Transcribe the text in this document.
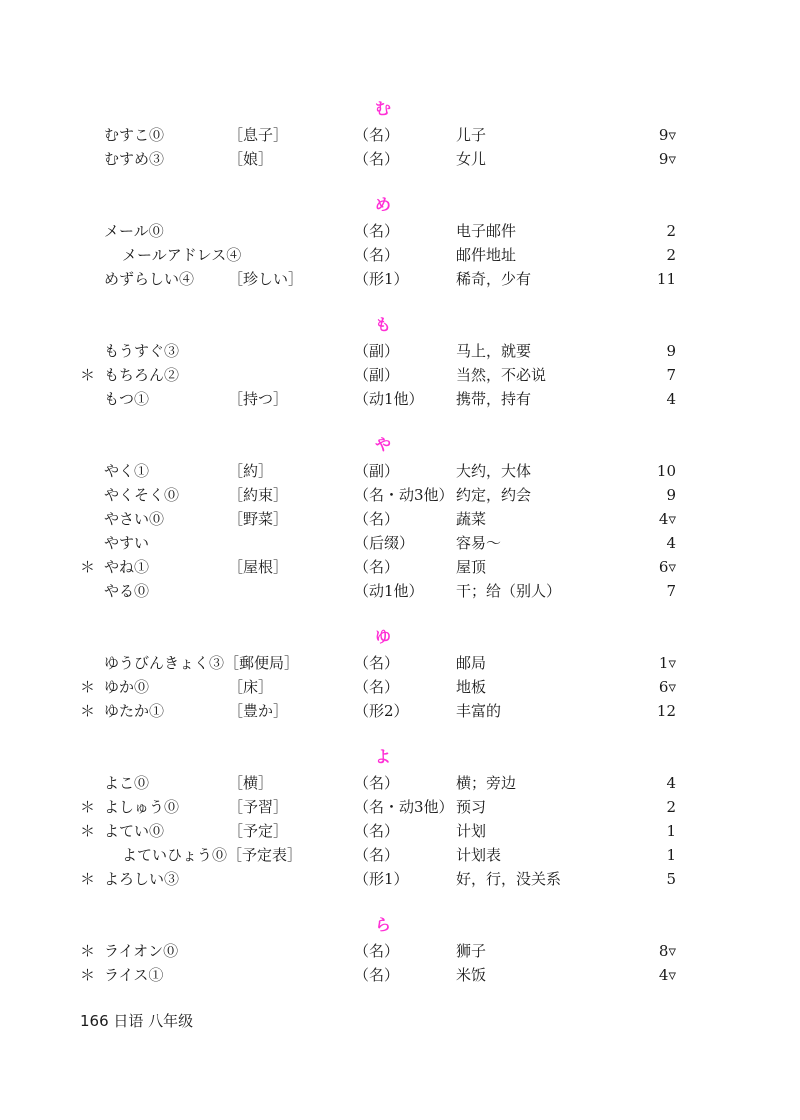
む
むすこ⓪	［息子］	（名）	儿子	9▿
むすめ③	［娘］	（名）	女儿	9▿
め
メール⓪	（名）	电子邮件	2
メールアドレス④	（名）	邮件地址	2
めずらしい④ ［珍しい］	（形1）	稀奇，少有	11
も
もうすぐ③	（副）	马上，就要	9
＊ もちろん②	（副）	当然，不必说	7
もつ①	［持つ］	（动1他） 携带，持有	4
や
やく①	［約］	（副）	大约，大体	10
やくそく⓪	［約束］	（名・动3他） 约定，约会	9
やさい⓪	［野菜］	（名）	蔬菜	4▿
やすい	（后缀）	容易～	4
＊ やね①	［屋根］	（名）	屋顶	6▿
やる⓪	（动1他） 干；给（别人）	7
ゆ
ゆうびんきょく③［郵便局］	（名）	邮局	1▿
＊ ゆか⓪	［床］	（名）	地板	6▿
＊ ゆたか①	［豊か］	（形2）	丰富的	12
よ
よこ⓪	［横］	（名）	横；旁边	4
＊ よしゅう⓪	［予習］	（名・动3他） 预习	2
＊ よてい⓪	［予定］	（名）	计划	1
よていひょう⓪［予定表］	（名）	计划表	1
＊ よろしい③	（形1）	好，行，没关系	5
ら
＊ ライオン⓪	（名）	狮子	8▿
＊ ライス①	（名）	米饭	4▿
166 日语 八年级
